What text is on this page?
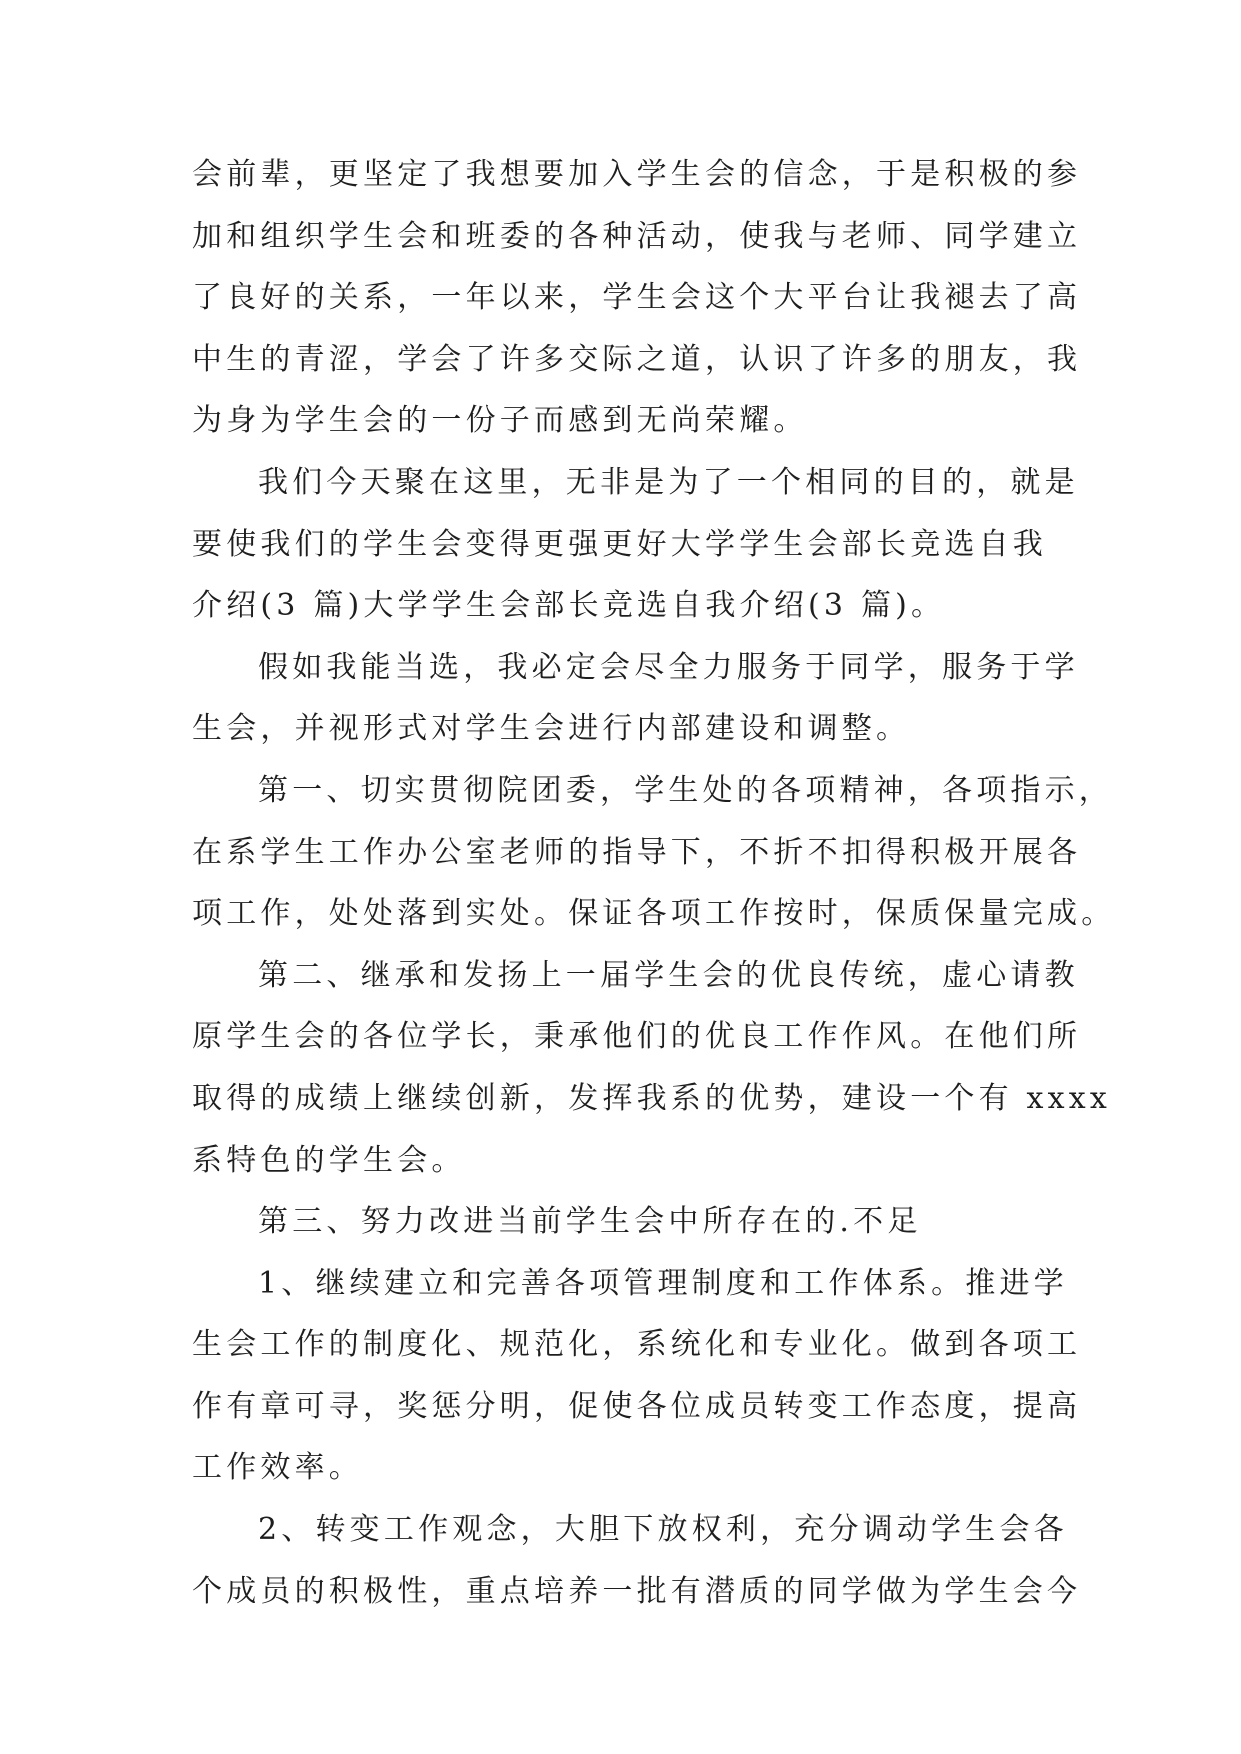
会前辈，更坚定了我想要加入学生会的信念，于是积极的参
加和组织学生会和班委的各种活动，使我与老师、同学建立
了良好的关系，一年以来，学生会这个大平台让我褪去了高
中生的青涩，学会了许多交际之道，认识了许多的朋友，我
为身为学生会的一份子而感到无尚荣耀。
我们今天聚在这里，无非是为了一个相同的目的，就是
要使我们的学生会变得更强更好大学学生会部长竞选自我
介绍(3 篇)大学学生会部长竞选自我介绍(3 篇)。
假如我能当选，我必定会尽全力服务于同学，服务于学
生会，并视形式对学生会进行内部建设和调整。
第一、切实贯彻院团委，学生处的各项精神，各项指示，
在系学生工作办公室老师的指导下，不折不扣得积极开展各
项工作，处处落到实处。保证各项工作按时，保质保量完成。
第二、继承和发扬上一届学生会的优良传统，虚心请教
原学生会的各位学长，秉承他们的优良工作作风。在他们所
取得的成绩上继续创新，发挥我系的优势，建设一个有 xxxx
系特色的学生会。
第三、努力改进当前学生会中所存在的.不足
1、继续建立和完善各项管理制度和工作体系。推进学
生会工作的制度化、规范化，系统化和专业化。做到各项工
作有章可寻，奖惩分明，促使各位成员转变工作态度，提高
工作效率。
2、转变工作观念，大胆下放权利，充分调动学生会各
个成员的积极性，重点培养一批有潜质的同学做为学生会今
